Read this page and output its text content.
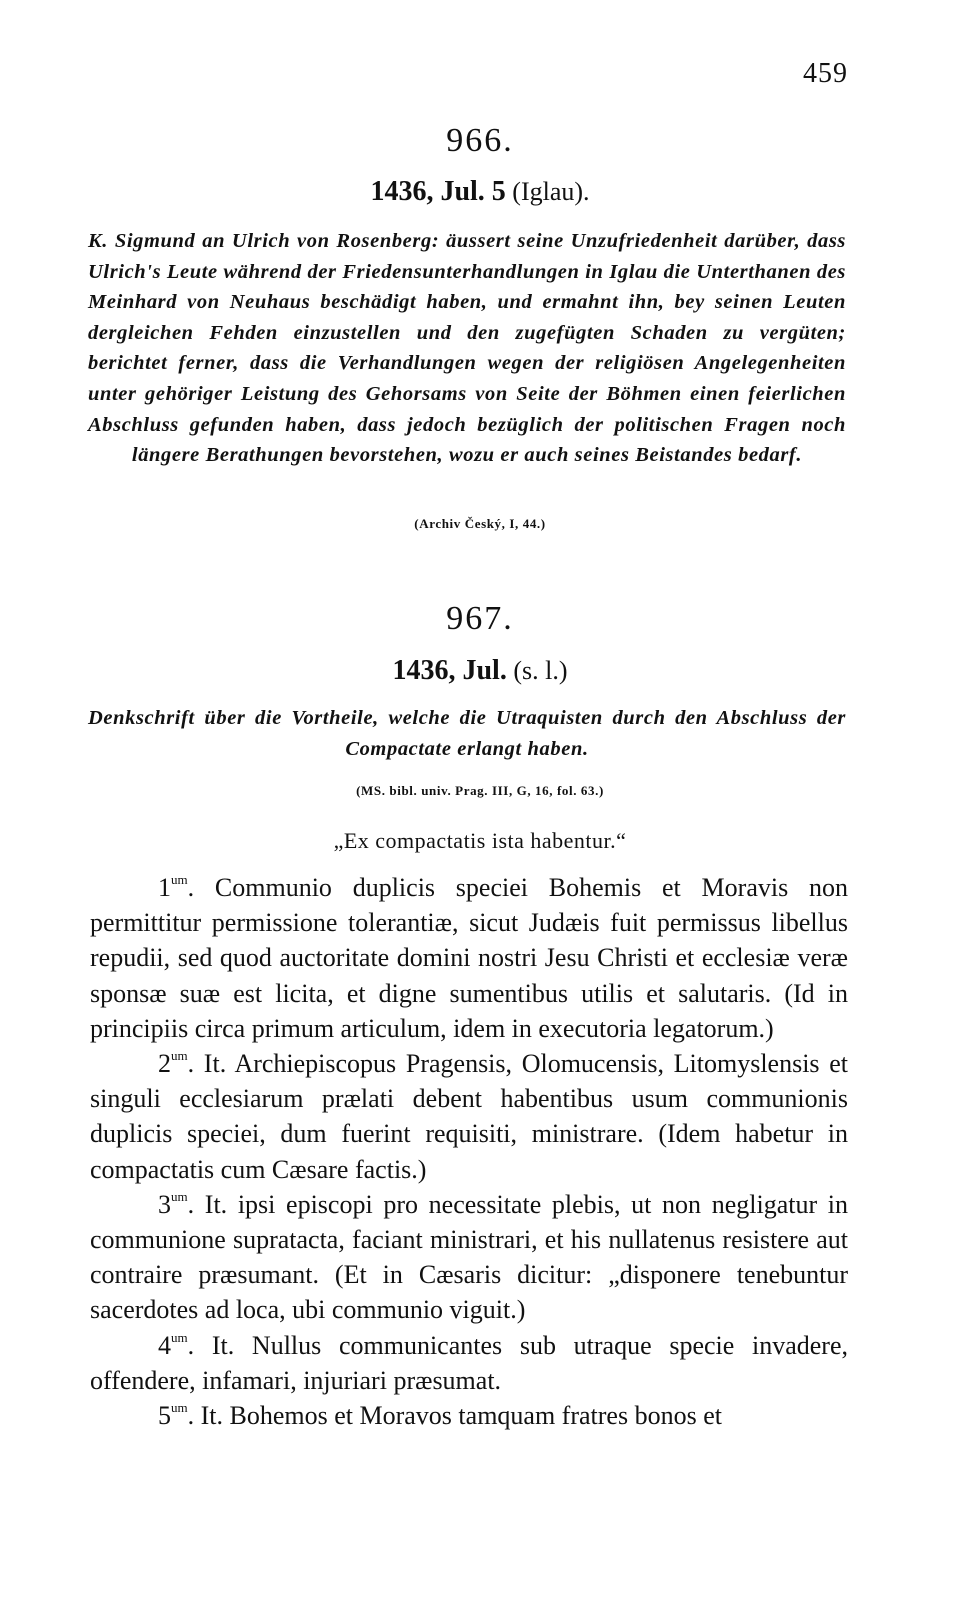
459
966.
1436, Jul. 5 (Iglau).
K. Sigmund an Ulrich von Rosenberg: äussert seine Unzufriedenheit darüber, dass Ulrich's Leute während der Friedensunterhandlungen in Iglau die Unterthanen des Meinhard von Neuhaus beschädigt haben, und ermahnt ihn, bey seinen Leuten dergleichen Fehden einzustellen und den zugefügten Schaden zu vergüten; berichtet ferner, dass die Verhandlungen wegen der religiösen Angelegenheiten unter gehöriger Leistung des Gehorsams von Seite der Böhmen einen feierlichen Abschluss gefunden haben, dass jedoch bezüglich der politischen Fragen noch längere Berathungen bevorstehen, wozu er auch seines Beistandes bedarf.
(Archiv Český, I, 44.)
967.
1436, Jul. (s. l.)
Denkschrift über die Vortheile, welche die Utraquisten durch den Abschluss der Compactate erlangt haben.
(MS. bibl. univ. Prag. III, G, 16, fol. 63.)
„Ex compactatis ista habentur.“

$1^{um}$. Communio duplicis speciei Bohemis et Moravis non permittitur permissione tolerantiæ, sicut Judæis fuit permissus libellus repudii, sed quod auctoritate domini nostri Jesu Christi et ecclesiæ veræ sponsæ suæ est licita, et digne sumentibus utilis et salutaris. (Id in principiis circa primum articulum, idem in executoria legatorum.)

$2^{um}$. It. Archiepiscopus Pragensis, Olomucensis, Litomyslensis et singuli ecclesiarum prælati debent habentibus usum communionis duplicis speciei, dum fuerint requisiti, ministrare. (Idem habetur in compactatis cum Cæsare factis.)

$3^{um}$. It. ipsi episcopi pro necessitate plebis, ut non negligatur in communione supratacta, faciant ministrari, et his nullatenus resistere aut contraire præsumant. (Et in Cæsaris dicitur: „disponere tenebuntur sacerdotes ad loca, ubi communio viguit.)

$4^{um}$. It. Nullus communicantes sub utraque specie invadere, offendere, infamari, injuriari præsumat.

$5^{um}$. It. Bohemos et Moravos tamquam fratres bonos et
